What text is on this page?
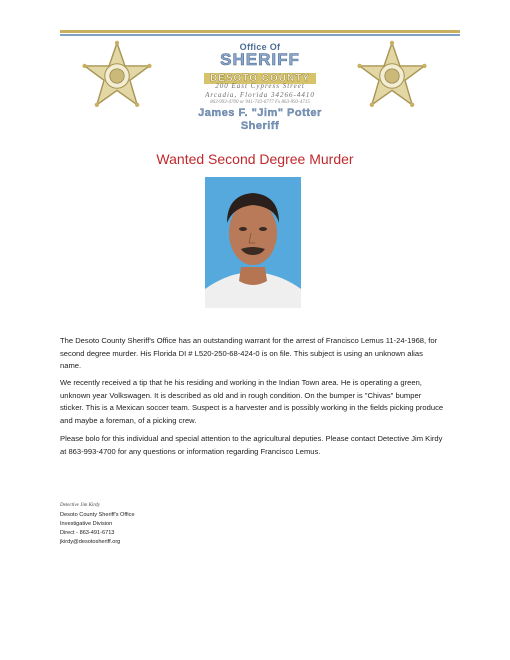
Office Of
SHERIFF
DESOTO COUNTY
200 East Cypress Street
Arcadia, Florida 34266-4410
863-993-4700 or 941-743-6777 Fx 863-993-4715
James F. "Jim" Potter
Sheriff
Wanted Second Degree Murder
The Desoto County Sheriff's Office has an outstanding warrant for the arrest of Francisco Lemus 11-24-1968, for second degree murder. His Florida DI # L520-250-68-424-0 is on file. This subject is using an unknown alias name.
We recently received a tip that he his residing and working in the Indian Town area. He is operating a green, unknown year Volkswagen. It is described as old and in rough condition. On the bumper is "Chivas" bumper sticker. This is a Mexican soccer team. Suspect is a harvester and is possibly working in the fields picking produce and maybe a foreman, of a picking crew.
Please bolo for this individual and special attention to the agricultural deputies. Please contact Detective Jim Kirdy at 863-993-4700 for any questions or information regarding Francisco Lemus.
Detective Jim Kirdy
Desoto County Sheriff's Office
Investigative Division
Direct - 863-491-6713
jkirdy@desotosheriff.org
